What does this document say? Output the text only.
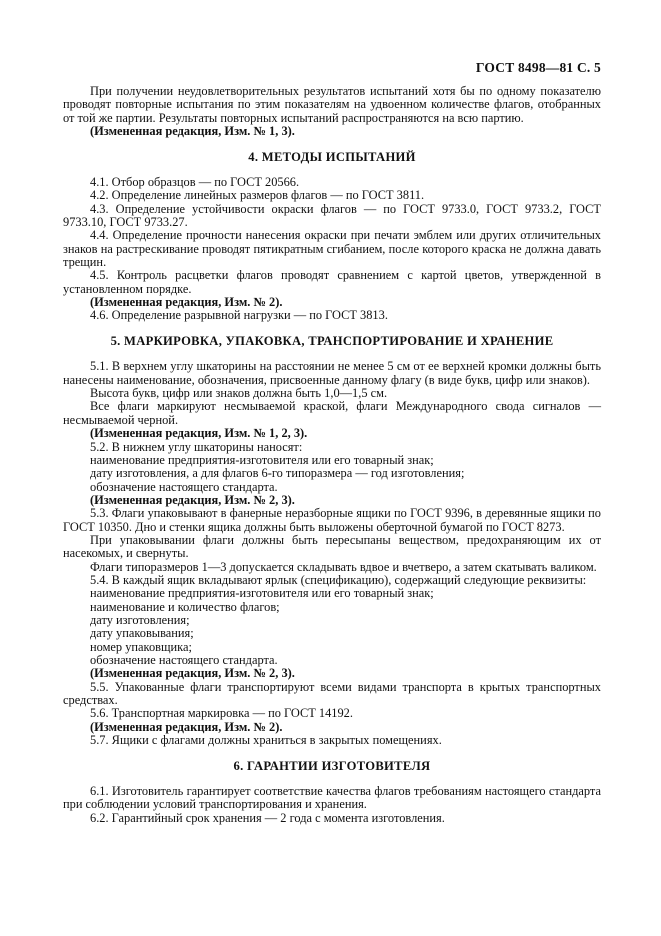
ГОСТ 8498—81 С. 5

При получении неудовлетворительных результатов испытаний хотя бы по одному показателю проводят повторные испытания по этим показателям на удвоенном количестве флагов, отобранных от той же партии. Результаты повторных испытаний распространяются на всю партию.

(Измененная редакция, Изм. № 1, 3).

4. МЕТОДЫ ИСПЫТАНИЙ

4.1. Отбор образцов — по ГОСТ 20566.

4.2. Определение линейных размеров флагов — по ГОСТ 3811.

4.3. Определение устойчивости окраски флагов — по ГОСТ 9733.0, ГОСТ 9733.2, ГОСТ 9733.10, ГОСТ 9733.27.

4.4. Определение прочности нанесения окраски при печати эмблем или других отличительных знаков на растрескивание проводят пятикратным сгибанием, после которого краска не должна давать трещин.

4.5. Контроль расцветки флагов проводят сравнением с картой цветов, утвержденной в установленном порядке.

(Измененная редакция, Изм. № 2).

4.6. Определение разрывной нагрузки — по ГОСТ 3813.

5. МАРКИРОВКА, УПАКОВКА, ТРАНСПОРТИРОВАНИЕ И ХРАНЕНИЕ

5.1. В верхнем углу шкаторины на расстоянии не менее 5 см от ее верхней кромки должны быть нанесены наименование, обозначения, присвоенные данному флагу (в виде букв, цифр или знаков).

Высота букв, цифр или знаков должна быть 1,0—1,5 см.

Все флаги маркируют несмываемой краской, флаги Международного свода сигналов — несмываемой черной.

(Измененная редакция, Изм. № 1, 2, 3).

5.2. В нижнем углу шкаторины наносят:

наименование предприятия-изготовителя или его товарный знак;

дату изготовления, а для флагов 6-го типоразмера — год изготовления;

обозначение настоящего стандарта.

(Измененная редакция, Изм. № 2, 3).

5.3. Флаги упаковывают в фанерные неразборные ящики по ГОСТ 9396, в деревянные ящики по ГОСТ 10350. Дно и стенки ящика должны быть выложены оберточной бумагой по ГОСТ 8273.

При упаковывании флаги должны быть пересыпаны веществом, предохраняющим их от насекомых, и свернуты.

Флаги типоразмеров 1—3 допускается складывать вдвое и вчетверо, а затем скатывать валиком.

5.4. В каждый ящик вкладывают ярлык (спецификацию), содержащий следующие реквизиты:

наименование предприятия-изготовителя или его товарный знак;

наименование и количество флагов;

дату изготовления;

дату упаковывания;

номер упаковщика;

обозначение настоящего стандарта.

(Измененная редакция, Изм. № 2, 3).

5.5. Упакованные флаги транспортируют всеми видами транспорта в крытых транспортных средствах.

5.6. Транспортная маркировка — по ГОСТ 14192.

(Измененная редакция, Изм. № 2).

5.7. Ящики с флагами должны храниться в закрытых помещениях.

6. ГАРАНТИИ ИЗГОТОВИТЕЛЯ

6.1. Изготовитель гарантирует соответствие качества флагов требованиям настоящего стандарта при соблюдении условий транспортирования и хранения.

6.2. Гарантийный срок хранения — 2 года с момента изготовления.
